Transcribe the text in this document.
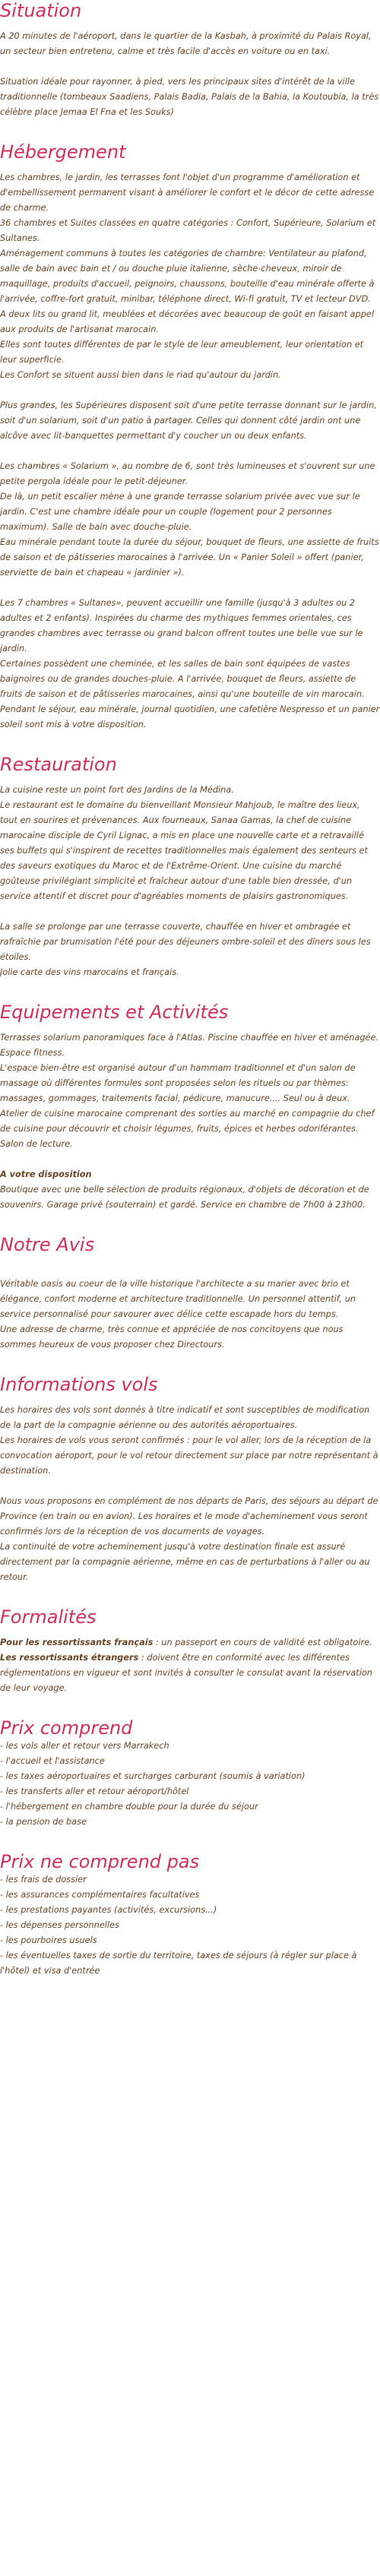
Situation

A 20 minutes de l'aéroport, dans le quartier de la Kasbah, à proximité du Palais Royal, un secteur bien entretenu, calme et très facile d'accès en voiture ou en taxi.

Situation idéale pour rayonner, à pied, vers les principaux sites d'intérêt de la ville traditionnelle (tombeaux Saadiens, Palais Badia, Palais de la Bahia, la Koutoubia, la très célèbre place Jemaa El Fna et les Souks)

Hébergement

Les chambres, le jardin, les terrasses font l'objet d'un programme d'amélioration et d'embellissement permanent visant à améliorer le confort et le décor de cette adresse de charme.
36 chambres et Suites classées en quatre catégories : Confort, Supérieure, Solarium et Sultanes.
Aménagement communs à toutes les catégories de chambre: Ventilateur au plafond, salle de bain avec bain et / ou douche pluie italienne, sèche-cheveux, miroir de maquillage, produits d'accueil, peignoirs, chaussons, bouteille d'eau minérale offerte à l'arrivée, coffre-fort gratuit, minibar, téléphone direct, Wi-fi gratuit, TV et lecteur DVD.
A deux lits ou grand lit, meublées et décorées avec beaucoup de goût en faisant appel aux produits de l'artisanat marocain.
Elles sont toutes différentes de par le style de leur ameublement, leur orientation et leur superficie.
Les Confort se situent aussi bien dans le riad qu'autour du jardin.

Plus grandes, les Supérieures disposent soit d'une petite terrasse donnant sur le jardin, soit d'un solarium, soit d'un patio à partager. Celles qui donnent côté jardin ont une alcôve avec lit-banquettes permettant d'y coucher un ou deux enfants.

Les chambres « Solarium », au nombre de 6, sont très lumineuses et s'ouvrent sur une petite pergola idéale pour le petit-déjeuner.
De là, un petit escalier mène à une grande terrasse solarium privée avec vue sur le jardin. C'est une chambre idéale pour un couple (logement pour 2 personnes maximum). Salle de bain avec douche-pluie.
Eau minérale pendant toute la durée du séjour, bouquet de fleurs, une assiette de fruits de saison et de pâtisseries marocaines à l'arrivée. Un « Panier Soleil » offert (panier, serviette de bain et chapeau « jardinier »).

Les 7 chambres « Sultanes», peuvent accueillir une famille (jusqu'à 3 adultes ou 2 adultes et 2 enfants). Inspirées du charme des mythiques femmes orientales, ces grandes chambres avec terrasse ou grand balcon offrent toutes une belle vue sur le jardin.
Certaines possèdent une cheminée, et les salles de bain sont équipées de vastes baignoires ou de grandes douches-pluie. A l'arrivée, bouquet de fleurs, assiette de fruits de saison et de pâtisseries marocaines, ainsi qu'une bouteille de vin marocain.
Pendant le séjour, eau minérale, journal quotidien, une cafetière Nespresso et un panier soleil sont mis à votre disposition.

Restauration

La cuisine reste un point fort des Jardins de la Médina.
Le restaurant est le domaine du bienveillant Monsieur Mahjoub, le maître des lieux, tout en sourires et prévenances. Aux fourneaux, Sanaa Gamas, la chef de cuisine marocaine disciple de Cyril Lignac, a mis en place une nouvelle carte et a retravaillé ses buffets qui s'inspirent de recettes traditionnelles mais également des senteurs et des saveurs exotiques du Maroc et de l'Extrême-Orient. Une cuisine du marché goûteuse privilégiant simplicité et fraîcheur autour d'une table bien dressée, d'un service attentif et discret pour d'agréables moments de plaisirs gastronomiques.

La salle se prolonge par une terrasse couverte, chauffée en hiver et ombragée et rafraîchie par brumisation l'été pour des déjeuners ombre-soleil et des dîners sous les étoiles.
Jolie carte des vins marocains et français.

Equipements et Activités

Terrasses solarium panoramiques face à l'Atlas. Piscine chauffée en hiver et aménagée. Espace fitness.
L'espace bien-être est organisé autour d'un hammam traditionnel et d'un salon de massage où différentes formules sont proposées selon les rituels ou par thèmes: massages, gommages, traitements facial, pédicure, manucure.... Seul ou à deux.
Atelier de cuisine marocaine comprenant des sorties au marché en compagnie du chef de cuisine pour découvrir et choisir légumes, fruits, épices et herbes odoriférantes.
Salon de lecture.

A votre disposition

Boutique avec une belle sélection de produits régionaux, d'objets de décoration et de souvenirs. Garage privé (souterrain) et gardé. Service en chambre de 7h00 à 23h00.

Notre Avis

Véritable oasis au coeur de la ville historique l'architecte a su marier avec brio et élégance, confort moderne et architecture traditionnelle. Un personnel attentif, un service personnalisé pour savourer avec délice cette escapade hors du temps.
Une adresse de charme, très connue et appréciée de nos concitoyens que nous sommes heureux de vous proposer chez Directours.

Informations vols

Les horaires des vols sont donnés à titre indicatif et sont susceptibles de modification de la part de la compagnie aérienne ou des autorités aéroportuaires.
Les horaires de vols vous seront confirmés : pour le vol aller, lors de la réception de la convocation aéroport, pour le vol retour directement sur place par notre représentant à destination.

Nous vous proposons en complément de nos départs de Paris, des séjours au départ de Province (en train ou en avion). Les horaires et le mode d'acheminement vous seront confirmés lors de la réception de vos documents de voyages.
La continuité de votre acheminement jusqu'à votre destination finale est assuré directement par la compagnie aérienne, même en cas de perturbations à l'aller ou au retour.

Formalités

Pour les ressortissants français : un passeport en cours de validité est obligatoire.
Les ressortissants étrangers : doivent être en conformité avec les différentes réglementations en vigueur et sont invités à consulter le consulat avant la réservation de leur voyage.

Prix comprend
- les vols aller et retour vers Marrakech
- l'accueil et l'assistance
- les taxes aéroportuaires et surcharges carburant (soumis à variation)
- les transferts aller et retour aéroport/hôtel
- l'hébergement en chambre double pour la durée du séjour
- la pension de base
Prix ne comprend pas
- les frais de dossier
- les assurances complémentaires facultatives
- les prestations payantes (activités, excursions...)
- les dépenses personnelles
- les pourboires usuels
- les éventuelles taxes de sortie du territoire, taxes de séjours (à régler sur place à l'hôtel) et visa d'entrée
